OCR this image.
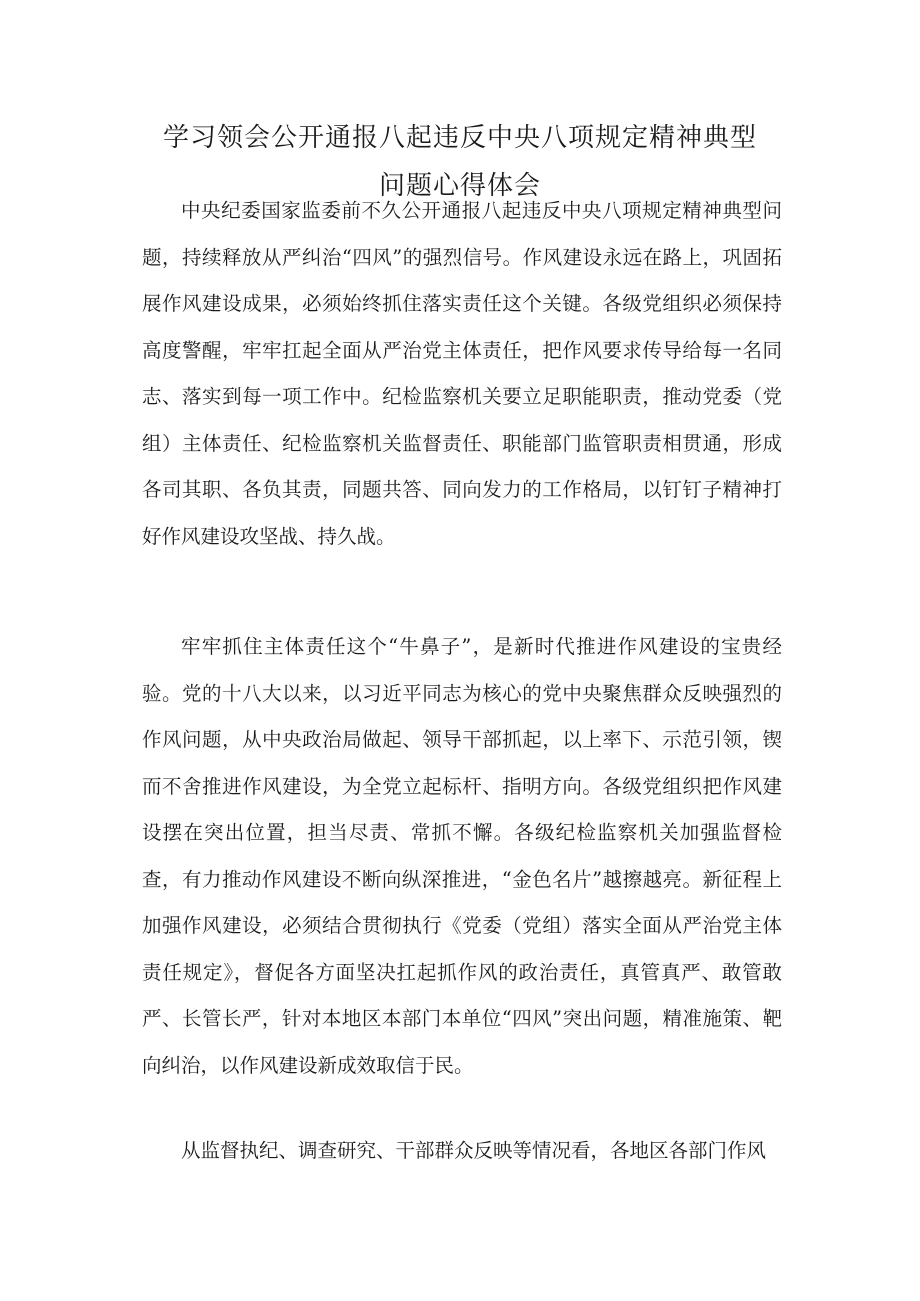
学习领会公开通报八起违反中央八项规定精神典型
问题心得体会

中央纪委国家监委前不久公开通报八起违反中央八项规定精神典型问题，持续释放从严纠治“四风”的强烈信号。作风建设永远在路上，巩固拓展作风建设成果，必须始终抓住落实责任这个关键。各级党组织必须保持高度警醒，牢牢扛起全面从严治党主体责任，把作风要求传导给每一名同志、落实到每一项工作中。纪检监察机关要立足职能职责，推动党委（党组）主体责任、纪检监察机关监督责任、职能部门监管职责相贯通，形成各司其职、各负其责，同题共答、同向发力的工作格局，以钉钉子精神打好作风建设攻坚战、持久战。

牢牢抓住主体责任这个“牛鼻子”，是新时代推进作风建设的宝贵经验。党的十八大以来，以习近平同志为核心的党中央聚焦群众反映强烈的作风问题，从中央政治局做起、领导干部抓起，以上率下、示范引领，锲而不舍推进作风建设，为全党立起标杆、指明方向。各级党组织把作风建设摆在突出位置，担当尽责、常抓不懈。各级纪检监察机关加强监督检查，有力推动作风建设不断向纵深推进，“金色名片”越擦越亮。新征程上加强作风建设，必须结合贯彻执行《党委（党组）落实全面从严治党主体责任规定》，督促各方面坚决扛起抓作风的政治责任，真管真严、敢管敢严、长管长严，针对本地区本部门本单位“四风”突出问题，精准施策、靶向纠治，以作风建设新成效取信于民。

从监督执纪、调查研究、干部群众反映等情况看，各地区各部门作风
